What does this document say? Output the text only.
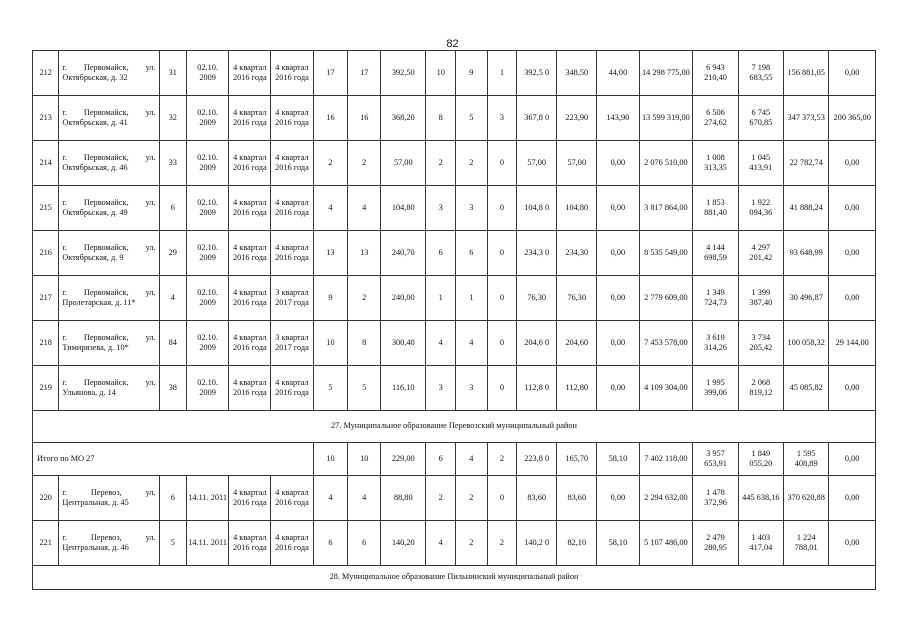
82
212	г. Первомайск, ул. Октябрьская, д. 32	31	02.10. 2009	4 квартал 2016 года	4 квартал 2016 года	17	17	392,50	10	9	1	392,5 0	348,50	44,00	14 298 775,00	6 943 210,40	7 198 683,55	156 881,05	0,00
213	г. Первомайск, ул. Октябрьская, д. 41	32	02.10. 2009	4 квартал 2016 года	4 квартал 2016 года	16	16	368,20	8	5	3	367,8 0	223,90	143,90	13 599 319,00	6 506 274,62	6 745 670,85	347 373,53	200 365,00
214	г. Первомайск, ул. Октябрьская, д. 46	33	02.10. 2009	4 квартал 2016 года	4 квартал 2016 года	2	2	57,00	2	2	0	57,00	57,00	0,00	2 076 510,00	1 008 313,35	1 045 413,91	22 782,74	0,00
215	г. Первомайск, ул. Октябрьская, д. 49	6	02.10. 2009	4 квартал 2016 года	4 квартал 2016 года	4	4	104,80	3	3	0	104,8 0	104,80	0,00	3 817 864,00	1 853 881,40	1 922 094,36	41 888,24	0,00
216	г. Первомайск, ул. Октябрьская, д. 9	29	02.10. 2009	4 квартал 2016 года	4 квартал 2016 года	13	13	240,70	6	6	0	234,3 0	234,30	0,00	8 535 549,00	4 144 698,59	4 297 201,42	93 648,99	0,00
217	г. Первомайск, ул. Пролетарская, д. 11*	4	02.10. 2009	4 квартал 2016 года	3 квартал 2017 года	9	2	240,00	1	1	0	76,30	76,30	0,00	2 779 609,00	1 349 724,73	1 399 387,40	30 496,87	0,00
218	г. Первомайск, ул. Тимирязева, д. 10*	84	02.10. 2009	4 квартал 2016 года	3 квартал 2017 года	10	8	300,40	4	4	0	204,6 0	204,60	0,00	7 453 578,00	3 619 314,26	3 734 205,42	100 058,32	29 144,00
219	г. Первомайск, ул. Ульянова, д. 14	38	02.10. 2009	4 квартал 2016 года	4 квартал 2016 года	5	5	116,10	3	3	0	112,8 0	112,80	0,00	4 109 304,00	1 995 399,06	2 068 819,12	45 085,82	0,00
27. Муниципальное образование Перевозский муниципальный район																			
Итого по МО 27						10	10	229,00	6	4	2	223,8 0	165,70	58,10	7 402 118,00	3 957 653,91	1 849 055,20	1 595 408,89	0,00
220	г. Перевоз, ул. Центральная, д. 45	6	14.11. 2011	4 квартал 2016 года	4 квартал 2016 года	4	4	88,80	2	2	0	83,60	83,60	0,00	2 294 632,00	1 478 372,96	445 638,16	370 620,88	0,00
221	г. Перевоз, ул. Центральная, д. 46	5	14.11. 2011	4 квартал 2016 года	4 квартал 2016 года	6	6	140,20	4	2	2	140,2 0	82,10	58,10	5 107 486,00	2 479 280,95	1 403 417,04	1 224 788,01	0,00
28. Муниципальное образование Пильнинский муниципальный район																			
